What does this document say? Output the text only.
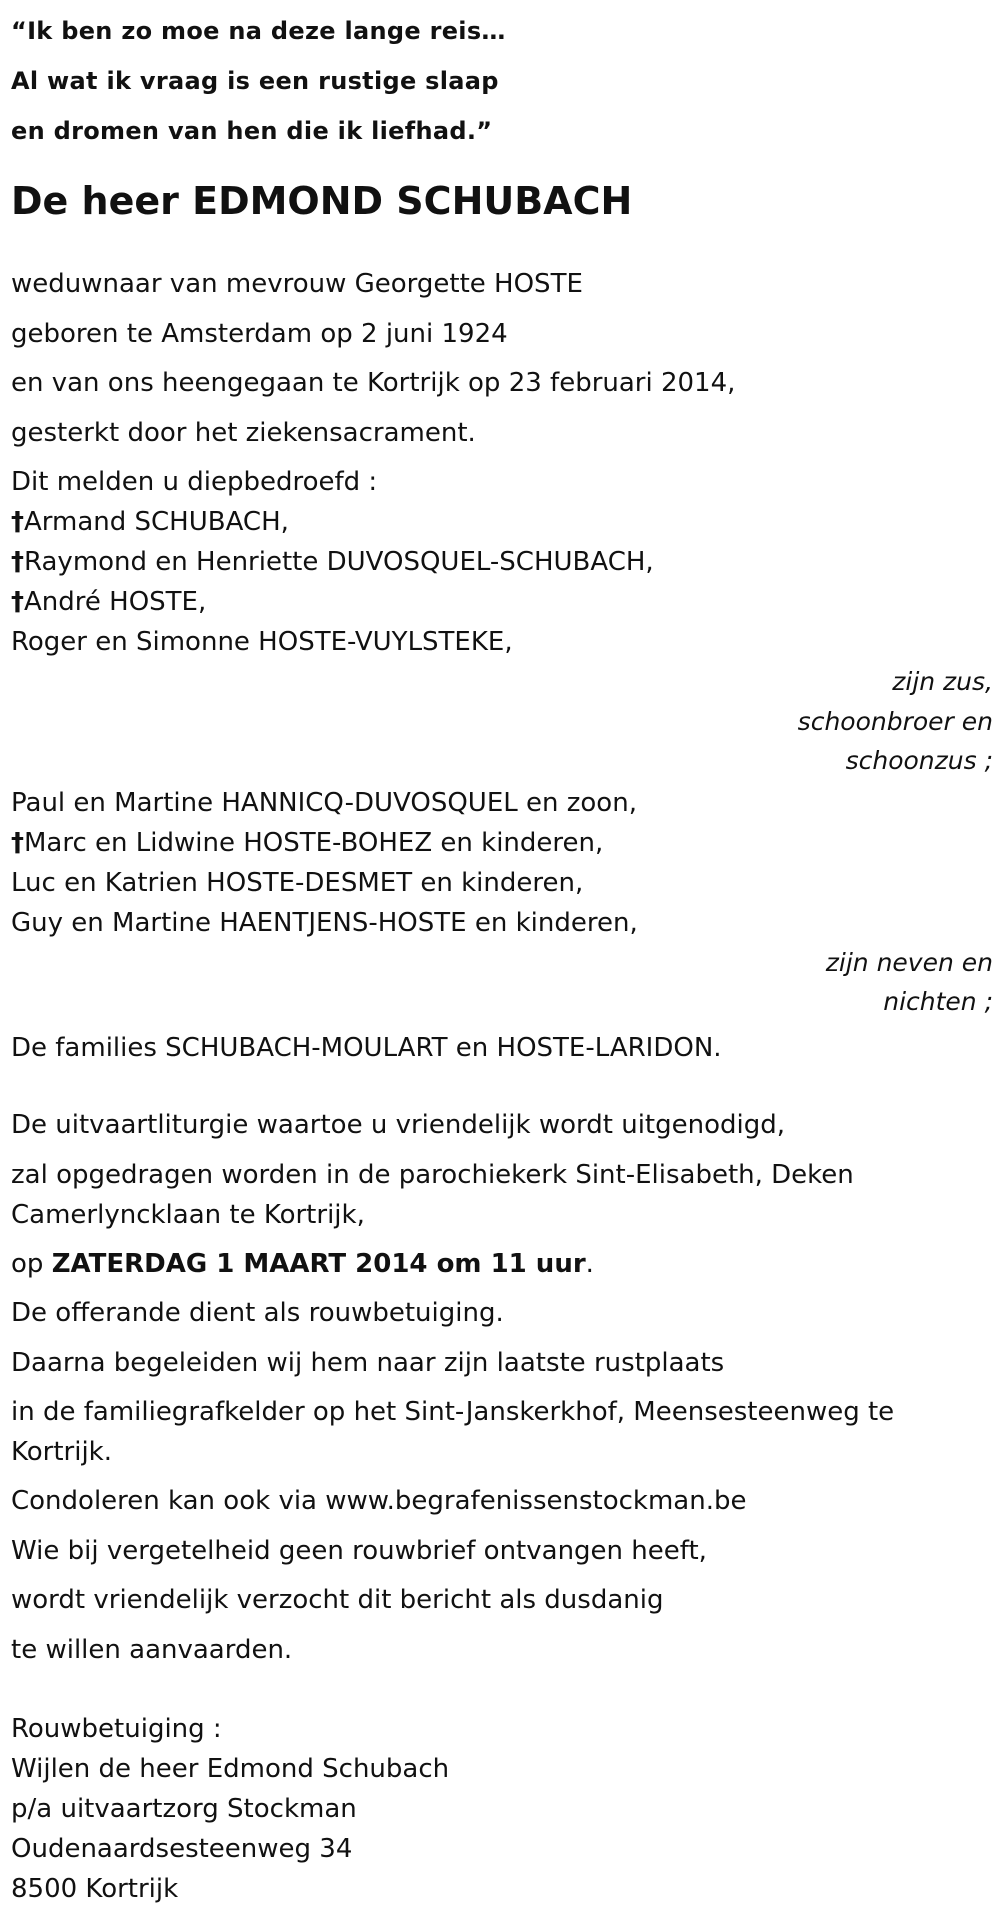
“Ik ben zo moe na deze lange reis…

Al wat ik vraag is een rustige slaap

en dromen van hen die ik liefhad.”

De heer EDMOND SCHUBACH
weduwnaar van mevrouw Georgette HOSTE
geboren te Amsterdam op 2 juni 1924
en van ons heengegaan te Kortrijk op 23 februari 2014,
gesterkt door het ziekensacrament.
Dit melden u diepbedroefd :
†Armand SCHUBACH,
†Raymond en Henriette DUVOSQUEL-SCHUBACH,
†André HOSTE,
Roger en Simonne HOSTE-VUYLSTEKE,
zijn zus,
schoonbroer en
schoonzus ;
Paul en Martine HANNICQ-DUVOSQUEL en zoon,
†Marc en Lidwine HOSTE-BOHEZ en kinderen,
Luc en Katrien HOSTE-DESMET en kinderen,
Guy en Martine HAENTJENS-HOSTE en kinderen,
zijn neven en
nichten ;
De families SCHUBACH-MOULART en HOSTE-LARIDON.
De uitvaartliturgie waartoe u vriendelijk wordt uitgenodigd,
zal opgedragen worden in de parochiekerk Sint-Elisabeth, Deken Camerlyncklaan te Kortrijk,
op ZATERDAG 1 MAART 2014 om 11 uur.
De offerande dient als rouwbetuiging.
Daarna begeleiden wij hem naar zijn laatste rustplaats
in de familiegrafkelder op het Sint-Janskerkhof, Meensesteenweg te Kortrijk.
Condoleren kan ook via www.begrafenissenstockman.be
Wie bij vergetelheid geen rouwbrief ontvangen heeft,
wordt vriendelijk verzocht dit bericht als dusdanig
te willen aanvaarden.
Rouwbetuiging :
Wijlen de heer Edmond Schubach
p/a uitvaartzorg Stockman
Oudenaardsesteenweg 34
8500 Kortrijk
